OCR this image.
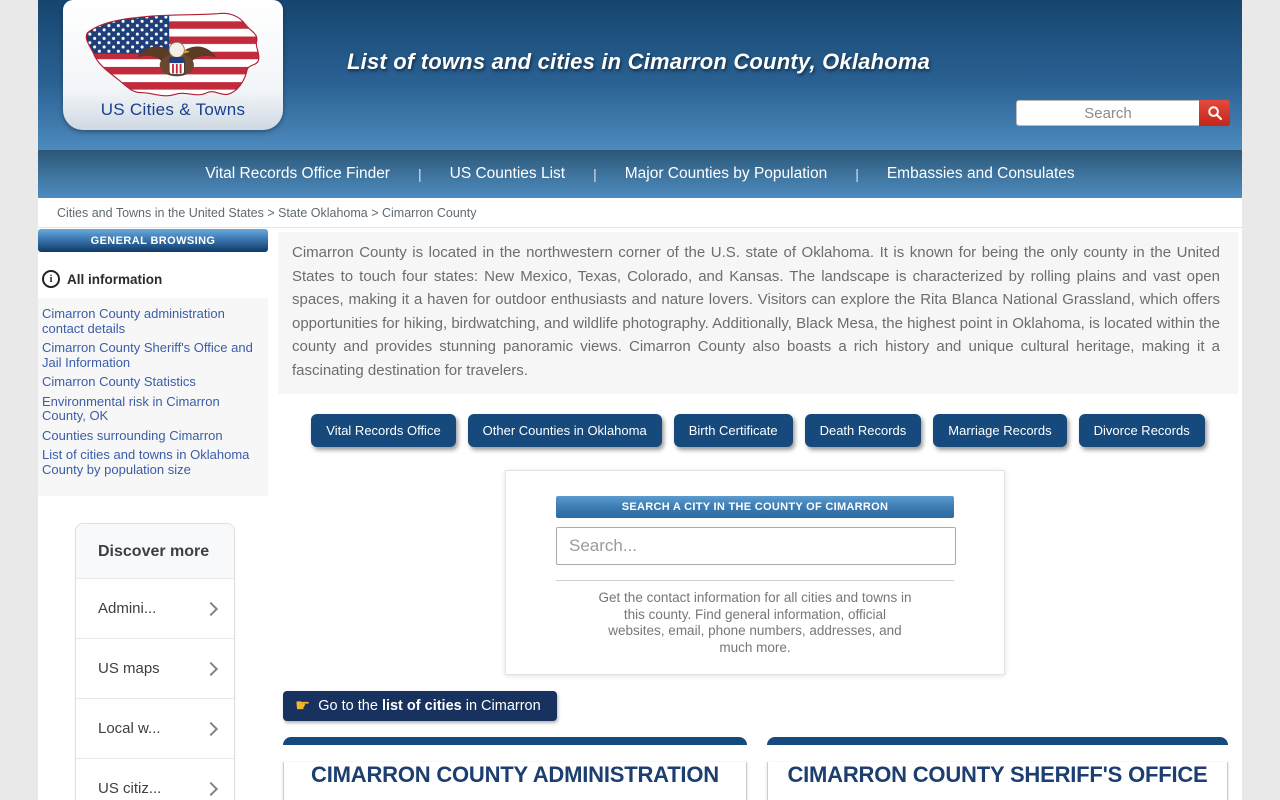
US Cities & Towns
List of towns and cities in Cimarron County, Oklahoma
Search
Vital Records Office Finder | US Counties List | Major Counties by Population | Embassies and Consulates
Cities and Towns in the United States > State Oklahoma > Cimarron County
GENERAL BROWSING
i	All information
Cimarron County administration contact details
Cimarron County Sheriff's Office and Jail Information
Cimarron County Statistics
Environmental risk in Cimarron County, OK
Counties surrounding Cimarron
List of cities and towns in Oklahoma County by population size
Discover more
Admini...
US maps
Local w...
US citiz...

Cimarron County is located in the northwestern corner of the U.S. state of Oklahoma. It is known for being the only county in the United States to touch four states: New Mexico, Texas, Colorado, and Kansas. The landscape is characterized by rolling plains and vast open spaces, making it a haven for outdoor enthusiasts and nature lovers. Visitors can explore the Rita Blanca National Grassland, which offers opportunities for hiking, birdwatching, and wildlife photography. Additionally, Black Mesa, the highest point in Oklahoma, is located within the county and provides stunning panoramic views. Cimarron County also boasts a rich history and unique cultural heritage, making it a fascinating destination for travelers.

Vital Records Office	Other Counties in Oklahoma	Birth Certificate	Death Records	Marriage Records	Divorce Records
SEARCH A CITY IN THE COUNTY OF CIMARRON
Search...
Get the contact information for all cities and towns in this county. Find general information, official websites, email, phone numbers, addresses, and much more.
☛ Go to the list of cities in Cimarron
CIMARRON COUNTY ADMINISTRATION	CIMARRON COUNTY SHERIFF'S OFFICE
